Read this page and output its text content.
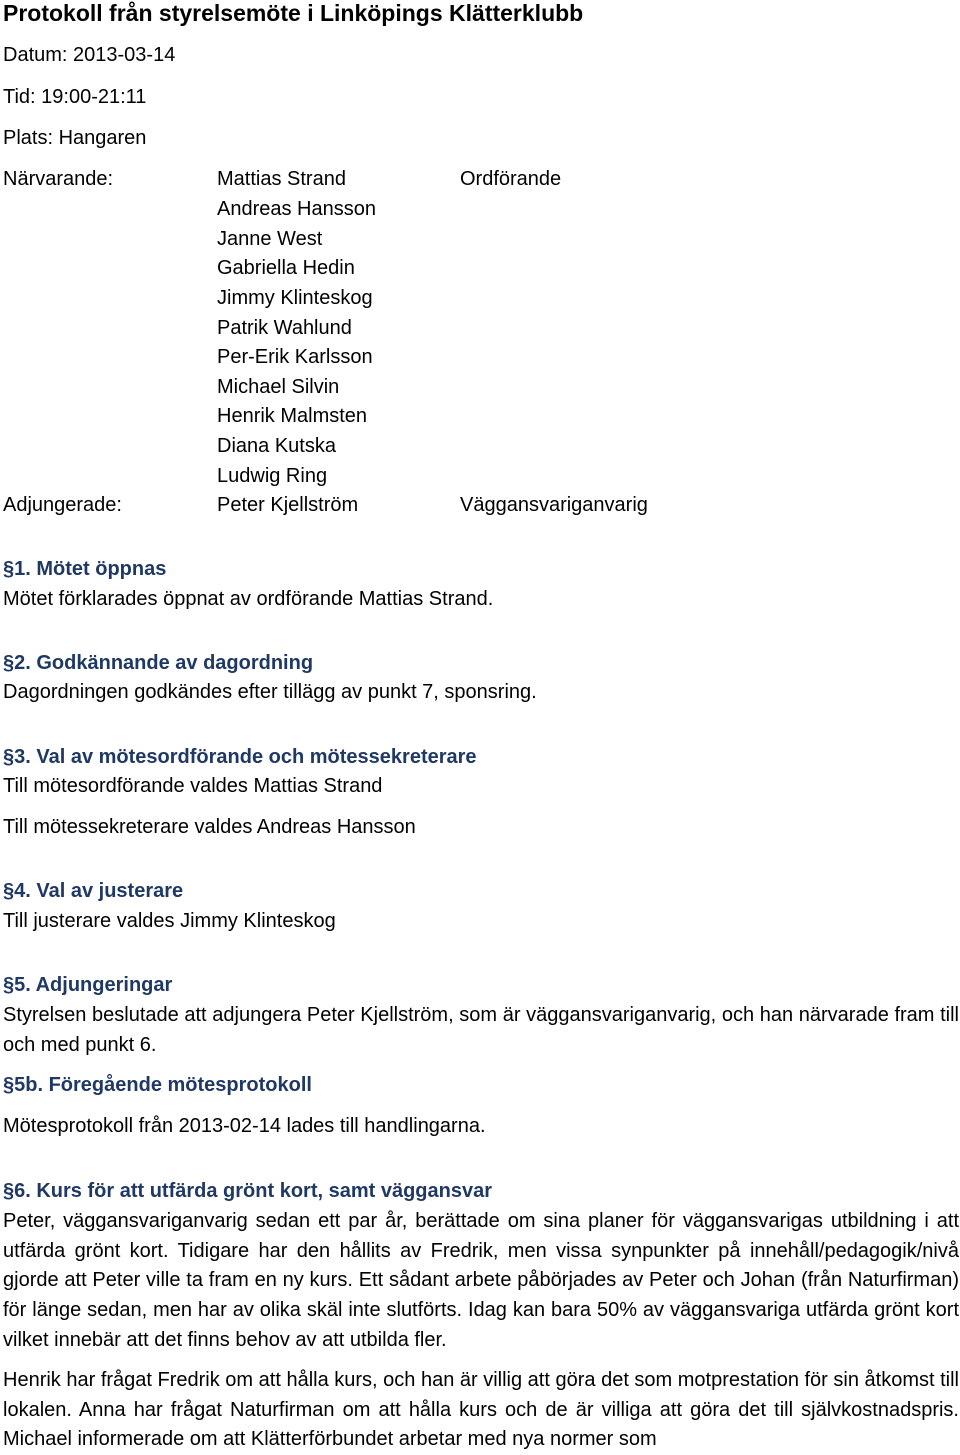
Protokoll från styrelsemöte i Linköpings Klätterklubb
Datum: 2013-03-14
Tid: 19:00-21:11
Plats: Hangaren
Närvarande:	Mattias Strand	Ordförande
Andreas Hansson
Janne West
Gabriella Hedin
Jimmy Klinteskog
Patrik Wahlund
Per-Erik Karlsson
Michael Silvin
Henrik Malmsten
Diana Kutska
Ludwig Ring
Adjungerade:	Peter Kjellström	Väggansvariganvarig
§1. Mötet öppnas
Mötet förklarades öppnat av ordförande Mattias Strand.
§2. Godkännande av dagordning
Dagordningen godkändes efter tillägg av punkt 7, sponsring.
§3. Val av mötesordförande och mötessekreterare
Till mötesordförande valdes Mattias Strand
Till mötessekreterare valdes Andreas Hansson
§4. Val av justerare
Till justerare valdes Jimmy Klinteskog
§5. Adjungeringar
Styrelsen beslutade att adjungera Peter Kjellström, som är väggansvariganvarig, och han närvarade fram till och med punkt 6.
§5b. Föregående mötesprotokoll
Mötesprotokoll från 2013-02-14 lades till handlingarna.
§6. Kurs för att utfärda grönt kort, samt väggansvar
Peter, väggansvariganvarig sedan ett par år, berättade om sina planer för väggansvarigas utbildning i att utfärda grönt kort. Tidigare har den hållits av Fredrik, men vissa synpunkter på innehåll/pedagogik/nivå gjorde att Peter ville ta fram en ny kurs. Ett sådant arbete påbörjades av Peter och Johan (från Naturfirman) för länge sedan, men har av olika skäl inte slutförts. Idag kan bara 50% av väggansvariga utfärda grönt kort vilket innebär att det finns behov av att utbilda fler.
Henrik har frågat Fredrik om att hålla kurs, och han är villig att göra det som motprestation för sin åtkomst till lokalen. Anna har frågat Naturfirman om att hålla kurs och de är villiga att göra det till självkostnadspris. Michael informerade om att Klätterförbundet arbetar med nya normer som
